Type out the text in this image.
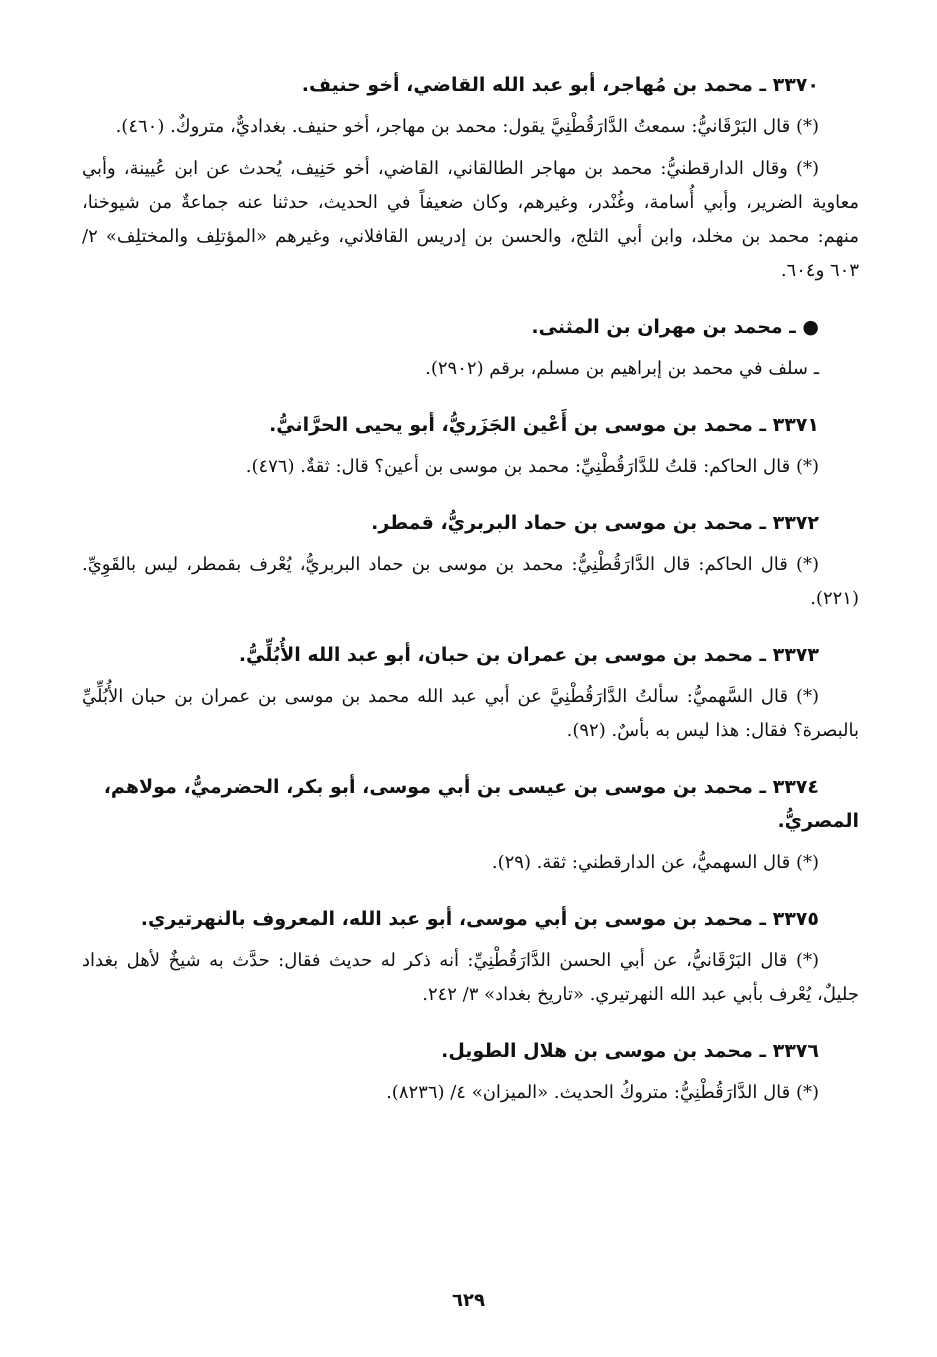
٣٣٧٠ ـ محمد بن مُهاجر، أبو عبد الله القاضي، أخو حنيف.

(*) قال البَرْقَانيُّ: سمعتُ الدَّارَقُطْنِيَّ يقول: محمد بن مهاجر، أخو حنيف. بغداديٌّ، متروكٌ. (٤٦٠).

(*) وقال الدارقطنيُّ: محمد بن مهاجر الطالقاني، القاضي، أخو حَنِيف، يُحدث عن ابن عُيينة، وأبي معاوية الضرير، وأبي أُسامة، وغُنْدر، وغيرهم، وكان ضعيفاً في الحديث، حدثنا عنه جماعةٌ من شيوخنا، منهم: محمد بن مخلد، وابن أبي الثلج، والحسن بن إدريس القافلاني، وغيرهم «المؤتلِف والمختلِف» ٢/ ٦٠٣ و٦٠٤.

● ـ محمد بن مهران بن المثنى.

ـ سلف في محمد بن إبراهيم بن مسلم، برقم (٢٩٠٢).

٣٣٧١ ـ محمد بن موسى بن أَعْين الجَزَريُّ، أبو يحيى الحرَّانيُّ.

(*) قال الحاكم: قلتُ للدَّارَقُطْنِيِّ: محمد بن موسى بن أعين؟ قال: ثقةٌ. (٤٧٦).

٣٣٧٢ ـ محمد بن موسى بن حماد البربريُّ، قمطر.

(*) قال الحاكم: قال الدَّارَقُطْنِيُّ: محمد بن موسى بن حماد البربريُّ، يُعْرف بقمطر، ليس بالقَوِيِّ. (٢٢١).

٣٣٧٣ ـ محمد بن موسى بن عمران بن حبان، أبو عبد الله الأُبُلِّيُّ.

(*) قال السَّهميُّ: سألتُ الدَّارَقُطْنِيَّ عن أبي عبد الله محمد بن موسى بن عمران بن حبان الأُبُلِّيِّ بالبصرة؟ فقال: هذا ليس به بأسٌ. (٩٢).

٣٣٧٤ ـ محمد بن موسى بن عيسى بن أبي موسى، أبو بكر، الحضرميُّ، مولاهم، المصريُّ.

(*) قال السهميُّ، عن الدارقطني: ثقة. (٢٩).

٣٣٧٥ ـ محمد بن موسى بن أبي موسى، أبو عبد الله، المعروف بالنهرتيري.

(*) قال البَرْقَانيُّ، عن أبي الحسن الدَّارَقُطْنِيِّ: أنه ذكر له حديث فقال: حدَّث به شيخٌ لأهل بغداد جليلٌ، يُعْرف بأبي عبد الله النهرتيري. «تاريخ بغداد» ٣/ ٢٤٢.

٣٣٧٦ ـ محمد بن موسى بن هلال الطويل.

(*) قال الدَّارَقُطْنِيُّ: متروكُ الحديث. «الميزان» ٤/ (٨٢٣٦).

٦٢٩
